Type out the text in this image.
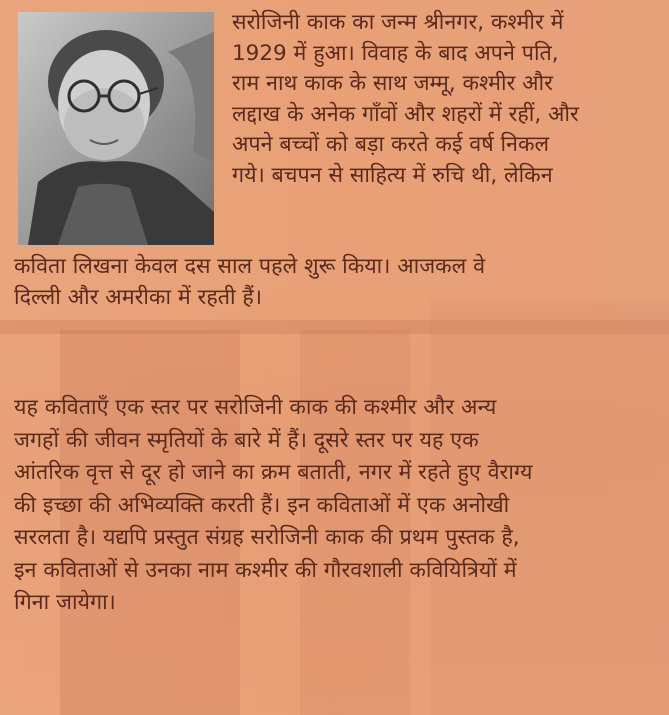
सरोजिनी काक का जन्म श्रीनगर, कश्मीर में
1929 में हुआ। विवाह के बाद अपने पति,
राम नाथ काक के साथ जम्मू, कश्मीर और
लद्दाख के अनेक गाँवों और शहरों में रहीं, और
अपने बच्चों को बड़ा करते कई वर्ष निकल
गये। बचपन से साहित्य में रुचि थी, लेकिन

कविता लिखना केवल दस साल पहले शुरू किया। आजकल वे
दिल्ली और अमरीका में रहती हैं।

यह कविताएँ एक स्तर पर सरोजिनी काक की कश्मीर और अन्य
जगहों की जीवन स्मृतियों के बारे में हैं। दूसरे स्तर पर यह एक
आंतरिक वृत्त से दूर हो जाने का क्रम बताती, नगर में रहते हुए वैराग्य
की इच्छा की अभिव्यक्ति करती हैं। इन कविताओं में एक अनोखी
सरलता है। यद्यपि प्रस्तुत संग्रह सरोजिनी काक की प्रथम पुस्तक है,
इन कविताओं से उनका नाम कश्मीर की गौरवशाली कवियित्रियों में
गिना जायेगा।
